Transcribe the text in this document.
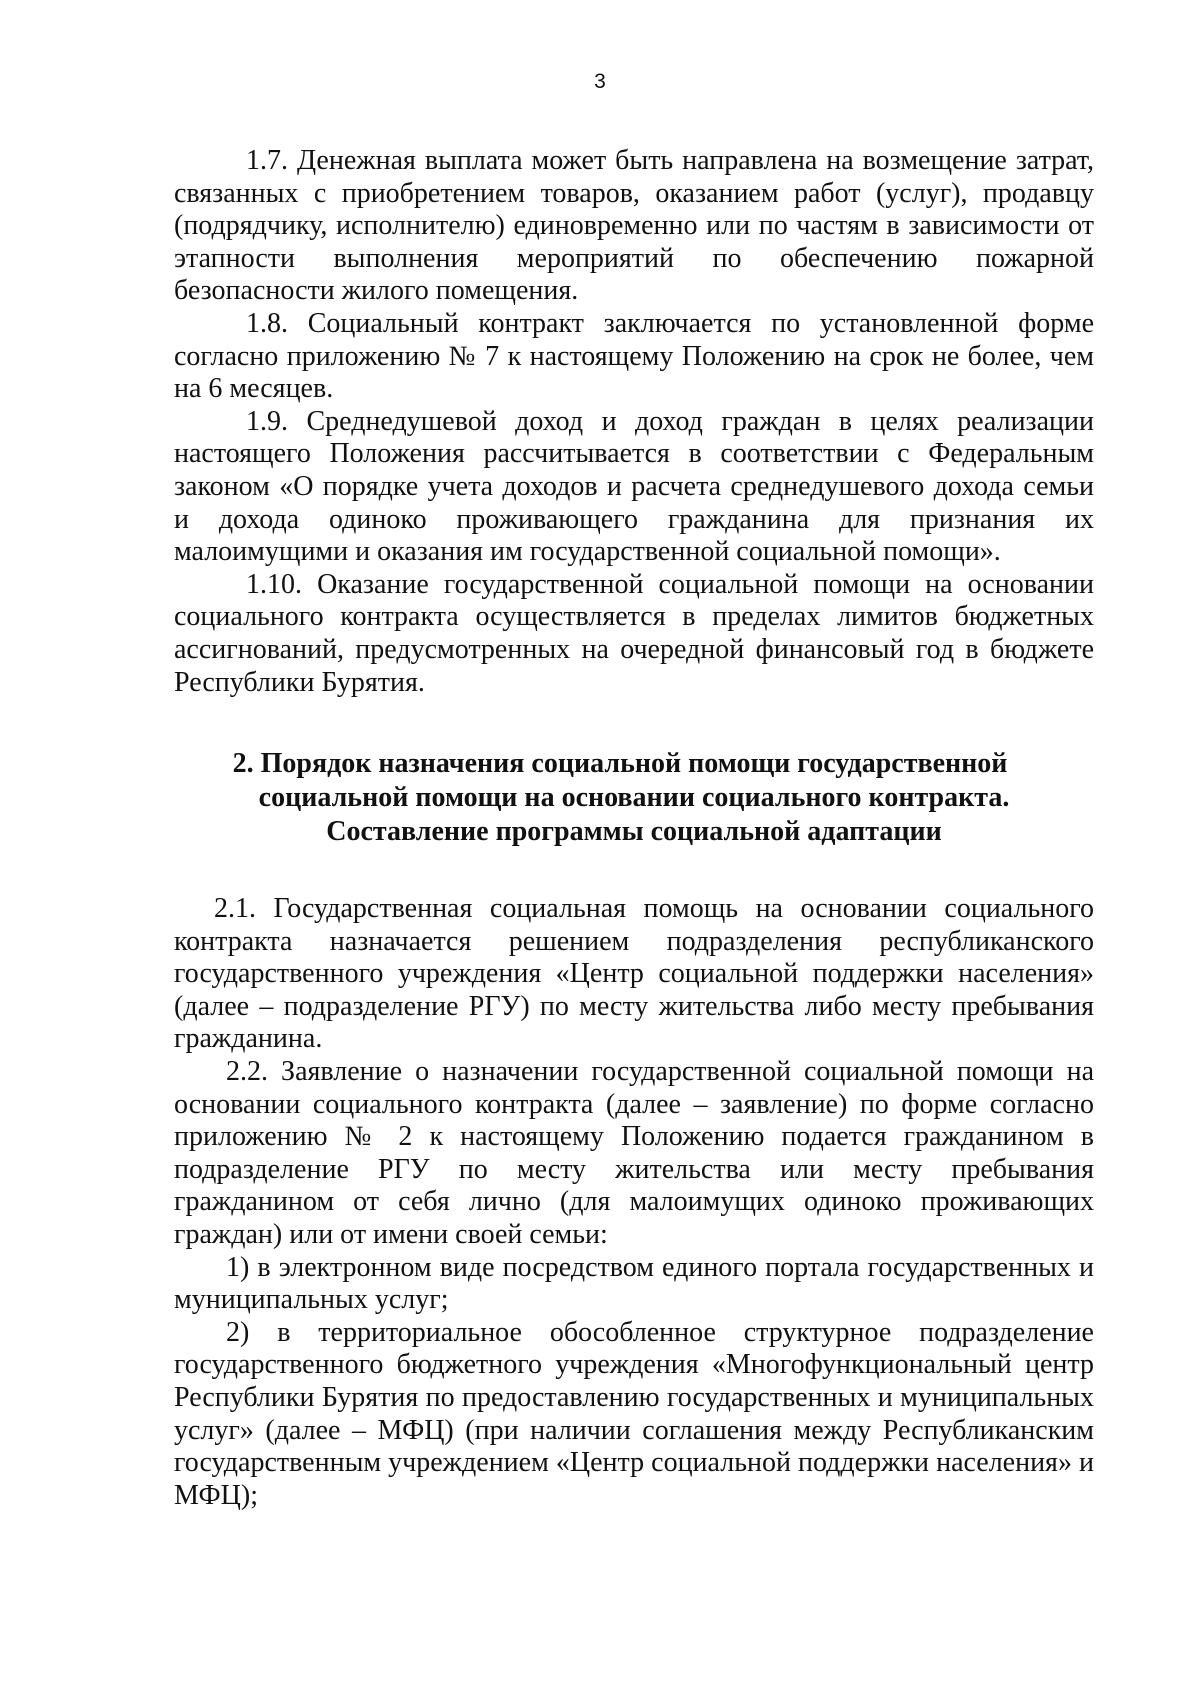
3

1.7. Денежная выплата может быть направлена на возмещение затрат, связанных с приобретением товаров, оказанием работ (услуг), продавцу (подрядчику, исполнителю) единовременно или по частям в зависимости от этапности выполнения мероприятий по обеспечению пожарной безопасности жилого помещения.

1.8. Социальный контракт заключается по установленной форме согласно приложению № 7 к настоящему Положению на срок не более, чем на 6 месяцев.

1.9. Среднедушевой доход и доход граждан в целях реализации настоящего Положения рассчитывается в соответствии с Федеральным законом «О порядке учета доходов и расчета среднедушевого дохода семьи и дохода одиноко проживающего гражданина для признания их малоимущими и оказания им государственной социальной помощи».

1.10. Оказание государственной социальной помощи на основании социального контракта осуществляется в пределах лимитов бюджетных ассигнований, предусмотренных на очередной финансовый год в бюджете Республики Бурятия.

2. Порядок назначения социальной помощи государственной
социальной помощи на основании социального контракта.
Составление программы социальной адаптации

2.1. Государственная социальная помощь на основании социального контракта назначается решением подразделения республиканского государственного учреждения «Центр социальной поддержки населения» (далее – подразделение РГУ) по месту жительства либо месту пребывания гражданина.

2.2. Заявление о назначении государственной социальной помощи на основании социального контракта (далее – заявление) по форме согласно приложению № 2 к настоящему Положению подается гражданином в подразделение РГУ по месту жительства или месту пребывания гражданином от себя лично (для малоимущих одиноко проживающих граждан) или от имени своей семьи:

1) в электронном виде посредством единого портала государственных и муниципальных услуг;

2) в территориальное обособленное структурное подразделение государственного бюджетного учреждения «Многофункциональный центр Республики Бурятия по предоставлению государственных и муниципальных услуг» (далее – МФЦ) (при наличии соглашения между Республиканским государственным учреждением «Центр социальной поддержки населения» и МФЦ);
